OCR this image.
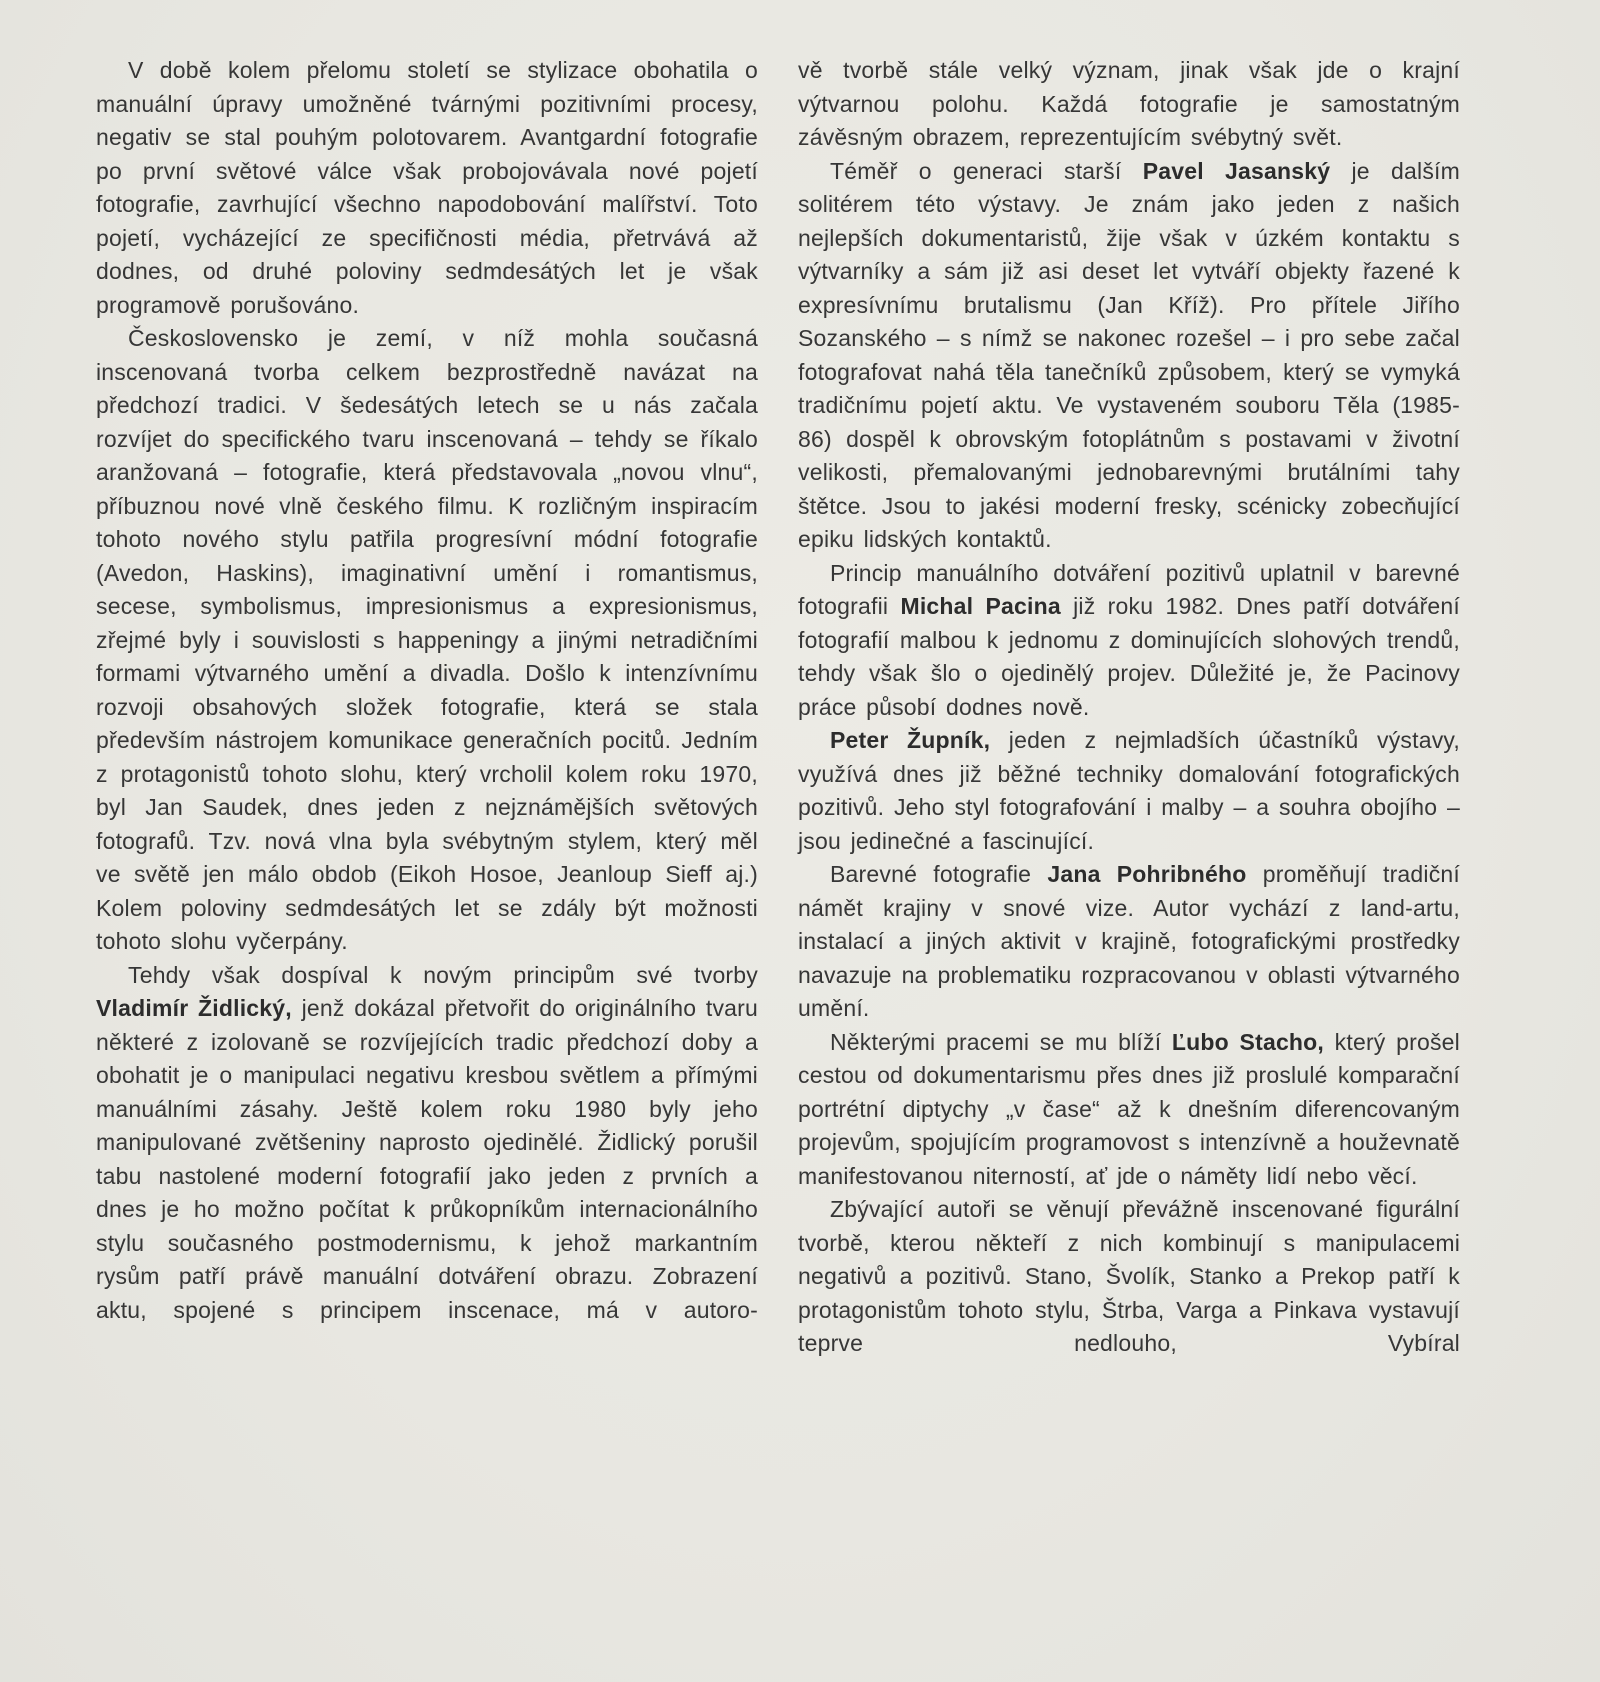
V době kolem přelomu století se stylizace obohatila o manuální úpravy umožněné tvárnými pozitivními procesy, negativ se stal pouhým polotovarem. Avantgardní fotografie po první světové válce však probojovávala nové pojetí fotografie, zavrhující všechno napodobování malířství. Toto pojetí, vycházející ze specifičnosti média, přetrvává až dodnes, od druhé poloviny sedmdesátých let je však programově porušováno.

Československo je zemí, v níž mohla současná inscenovaná tvorba celkem bezprostředně navázat na předchozí tradici. V šedesátých letech se u nás začala rozvíjet do specifického tvaru inscenovaná – tehdy se říkalo aranžovaná – fotografie, která představovala „novou vlnu“, příbuznou nové vlně českého filmu. K rozličným inspiracím tohoto nového stylu patřila progresívní módní fotografie (Avedon, Haskins), imaginativní umění i romantismus, secese, symbolismus, impresionismus a expresionismus, zřejmé byly i souvislosti s happeningy a jinými netradičními formami výtvarného umění a divadla. Došlo k intenzívnímu rozvoji obsahových složek fotografie, která se stala především nástrojem komunikace generačních pocitů. Jedním z protagonistů tohoto slohu, který vrcholil kolem roku 1970, byl Jan Saudek, dnes jeden z nejznámějších světových fotografů. Tzv. nová vlna byla svébytným stylem, který měl ve světě jen málo obdob (Eikoh Hosoe, Jeanloup Sieff aj.) Kolem poloviny sedmdesátých let se zdály být možnosti tohoto slohu vyčerpány.

Tehdy však dospíval k novým principům své tvorby Vladimír Židlický, jenž dokázal přetvořit do originálního tvaru některé z izolovaně se rozvíjejících tradic předchozí doby a obohatit je o manipulaci negativu kresbou světlem a přímými manuálními zásahy. Ještě kolem roku 1980 byly jeho manipulované zvětšeniny naprosto ojedinělé. Židlický porušil tabu nastolené moderní fotografií jako jeden z prvních a dnes je ho možno počítat k průkopníkům internacionálního stylu současného postmodernismu, k jehož markantním rysům patří právě manuální dotváření obrazu. Zobrazení aktu, spojené s principem inscenace, má v autoro-

vě tvorbě stále velký význam, jinak však jde o krajní výtvarnou polohu. Každá fotografie je samostatným závěsným obrazem, reprezentujícím svébytný svět.

Téměř o generaci starší Pavel Jasanský je dalším solitérem této výstavy. Je znám jako jeden z našich nejlepších dokumentaristů, žije však v úzkém kontaktu s výtvarníky a sám již asi deset let vytváří objekty řazené k expresívnímu brutalismu (Jan Kříž). Pro přítele Jiřího Sozanského – s nímž se nakonec rozešel – i pro sebe začal fotografovat nahá těla tanečníků způsobem, který se vymyká tradičnímu pojetí aktu. Ve vystaveném souboru Těla (1985-86) dospěl k obrovským fotoplátnům s postavami v životní velikosti, přemalovanými jednobarevnými brutálními tahy štětce. Jsou to jakési moderní fresky, scénicky zobecňující epiku lidských kontaktů.

Princip manuálního dotváření pozitivů uplatnil v barevné fotografii Michal Pacina již roku 1982. Dnes patří dotváření fotografií malbou k jednomu z dominujících slohových trendů, tehdy však šlo o ojedinělý projev. Důležité je, že Pacinovy práce působí dodnes nově.

Peter Župník, jeden z nejmladších účastníků výstavy, využívá dnes již běžné techniky domalování fotografických pozitivů. Jeho styl fotografování i malby – a souhra obojího – jsou jedinečné a fascinující.

Barevné fotografie Jana Pohribného proměňují tradiční námět krajiny v snové vize. Autor vychází z land-artu, instalací a jiných aktivit v krajině, fotografickými prostředky navazuje na problematiku rozpracovanou v oblasti výtvarného umění.

Některými pracemi se mu blíží Ľubo Stacho, který prošel cestou od dokumentarismu přes dnes již proslulé komparační portrétní diptychy „v čase“ až k dnešním diferencovaným projevům, spojujícím programovost s intenzívně a houževnatě manifestovanou niterností, ať jde o náměty lidí nebo věcí.

Zbývající autoři se věnují převážně inscenované figurální tvorbě, kterou někteří z nich kombinují s manipulacemi negativů a pozitivů. Stano, Švolík, Stanko a Prekop patří k protagonistům tohoto stylu, Štrba, Varga a Pinkava vystavují teprve nedlouho, Vybíral
